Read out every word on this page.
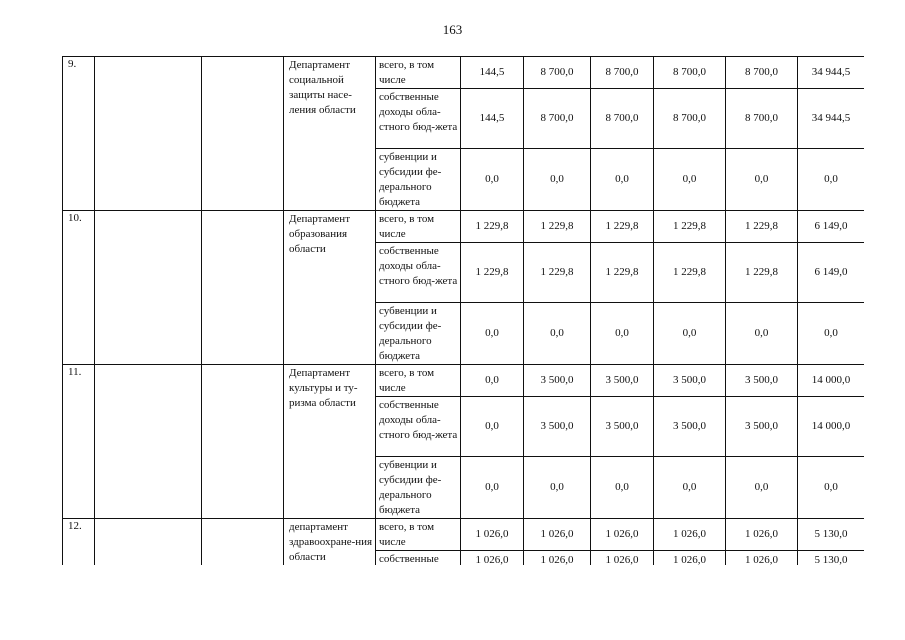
163
9.			Департамент социальной защиты насе-ления области	всего, в том числе	144,5	8 700,0	8 700,0	8 700,0	8 700,0	34 944,5
				собственные доходы обла-стного бюд-жета	144,5	8 700,0	8 700,0	8 700,0	8 700,0	34 944,5
				субвенции и субсидии фе-дерального бюджета	0,0	0,0	0,0	0,0	0,0	0,0
10.			Департамент образования области	всего, в том числе	1 229,8	1 229,8	1 229,8	1 229,8	1 229,8	6 149,0
				собственные доходы обла-стного бюд-жета	1 229,8	1 229,8	1 229,8	1 229,8	1 229,8	6 149,0
				субвенции и субсидии фе-дерального бюджета	0,0	0,0	0,0	0,0	0,0	0,0
11.			Департамент культуры и ту-ризма области	всего, в том числе	0,0	3 500,0	3 500,0	3 500,0	3 500,0	14 000,0
				собственные доходы обла-стного бюд-жета	0,0	3 500,0	3 500,0	3 500,0	3 500,0	14 000,0
				субвенции и субсидии фе-дерального бюджета	0,0	0,0	0,0	0,0	0,0	0,0
12.			департамент здравоохране-ния области	всего, в том числе	1 026,0	1 026,0	1 026,0	1 026,0	1 026,0	5 130,0
				собственные	1 026,0	1 026,0	1 026,0	1 026,0	1 026,0	5 130,0
